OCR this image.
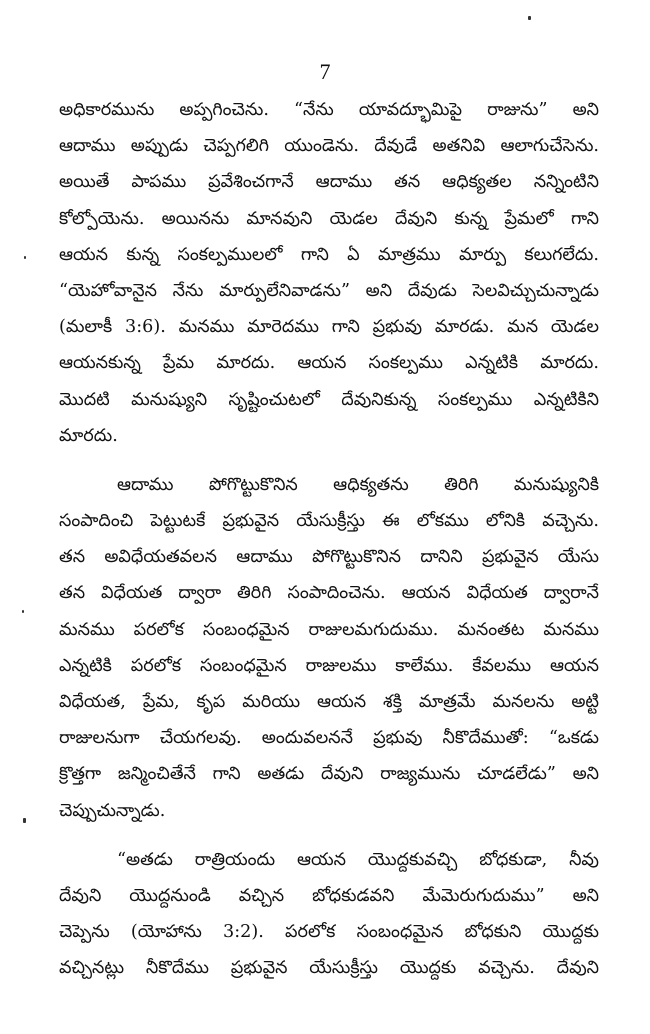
7
అధికారమును అప్పగించెను. “నేను యావద్భూమిపై రాజును” అని
ఆదాము అప్పుడు చెప్పగలిగి యుండెను. దేవుడే అతనివి ఆలాగుచేసెను.
అయితే పాపము ప్రవేశించగానే ఆదాము తన ఆధిక్యతల నన్నింటిని
కోల్పోయెను. అయినను మానవుని యెడల దేవుని కున్న ప్రేమలో గాని
ఆయన కున్న సంకల్పములలో గాని ఏ మాత్రము మార్పు కలుగలేదు.
“యెహోవానైన నేను మార్పులేనివాడను” అని దేవుడు సెలవిచ్చుచున్నాడు
(మలాకీ 3:6). మనము మారెదము గాని ప్రభువు మారడు. మన యెడల
ఆయనకున్న ప్రేమ మారదు. ఆయన సంకల్పము ఎన్నటికి మారదు.
మొదటి మనుష్యుని సృష్టించుటలో దేవునికున్న సంకల్పము ఎన్నటికిని
మారదు.
ఆదాము పోగొట్టుకొనిన ఆధిక్యతను తిరిగి మనుష్యునికి
సంపాదించి పెట్టుటకే ప్రభువైన యేసుక్రీస్తు ఈ లోకము లోనికి వచ్చెను.
తన అవిధేయతవలన ఆదాము పోగొట్టుకొనిన దానిని ప్రభువైన యేసు
తన విధేయత ద్వారా తిరిగి సంపాదించెను. ఆయన విధేయత ద్వారానే
మనము పరలోక సంబంధమైన రాజులమగుదుము. మనంతట మనము
ఎన్నటికి పరలోక సంబంధమైన రాజులము కాలేము. కేవలము ఆయన
విధేయత, ప్రేమ, కృప మరియు ఆయన శక్తి మాత్రమే మనలను అట్టి
రాజులనుగా చేయగలవు. అందువలననే ప్రభువు నీకొదేముతో: “ఒకడు
క్రొత్తగా జన్మించితేనే గాని అతడు దేవుని రాజ్యమును చూడలేడు” అని
చెప్పుచున్నాడు.
“అతడు రాత్రియందు ఆయన యొద్దకువచ్చి బోధకుడా, నీవు
దేవుని యొద్దనుండి వచ్చిన బోధకుడవని మేమెరుగుదుము” అని
చెప్పెను (యోహాను 3:2). పరలోక సంబంధమైన బోధకుని యొద్దకు
వచ్చినట్లు నీకొదేము ప్రభువైన యేసుక్రీస్తు యొద్దకు వచ్చెను. దేవుని
